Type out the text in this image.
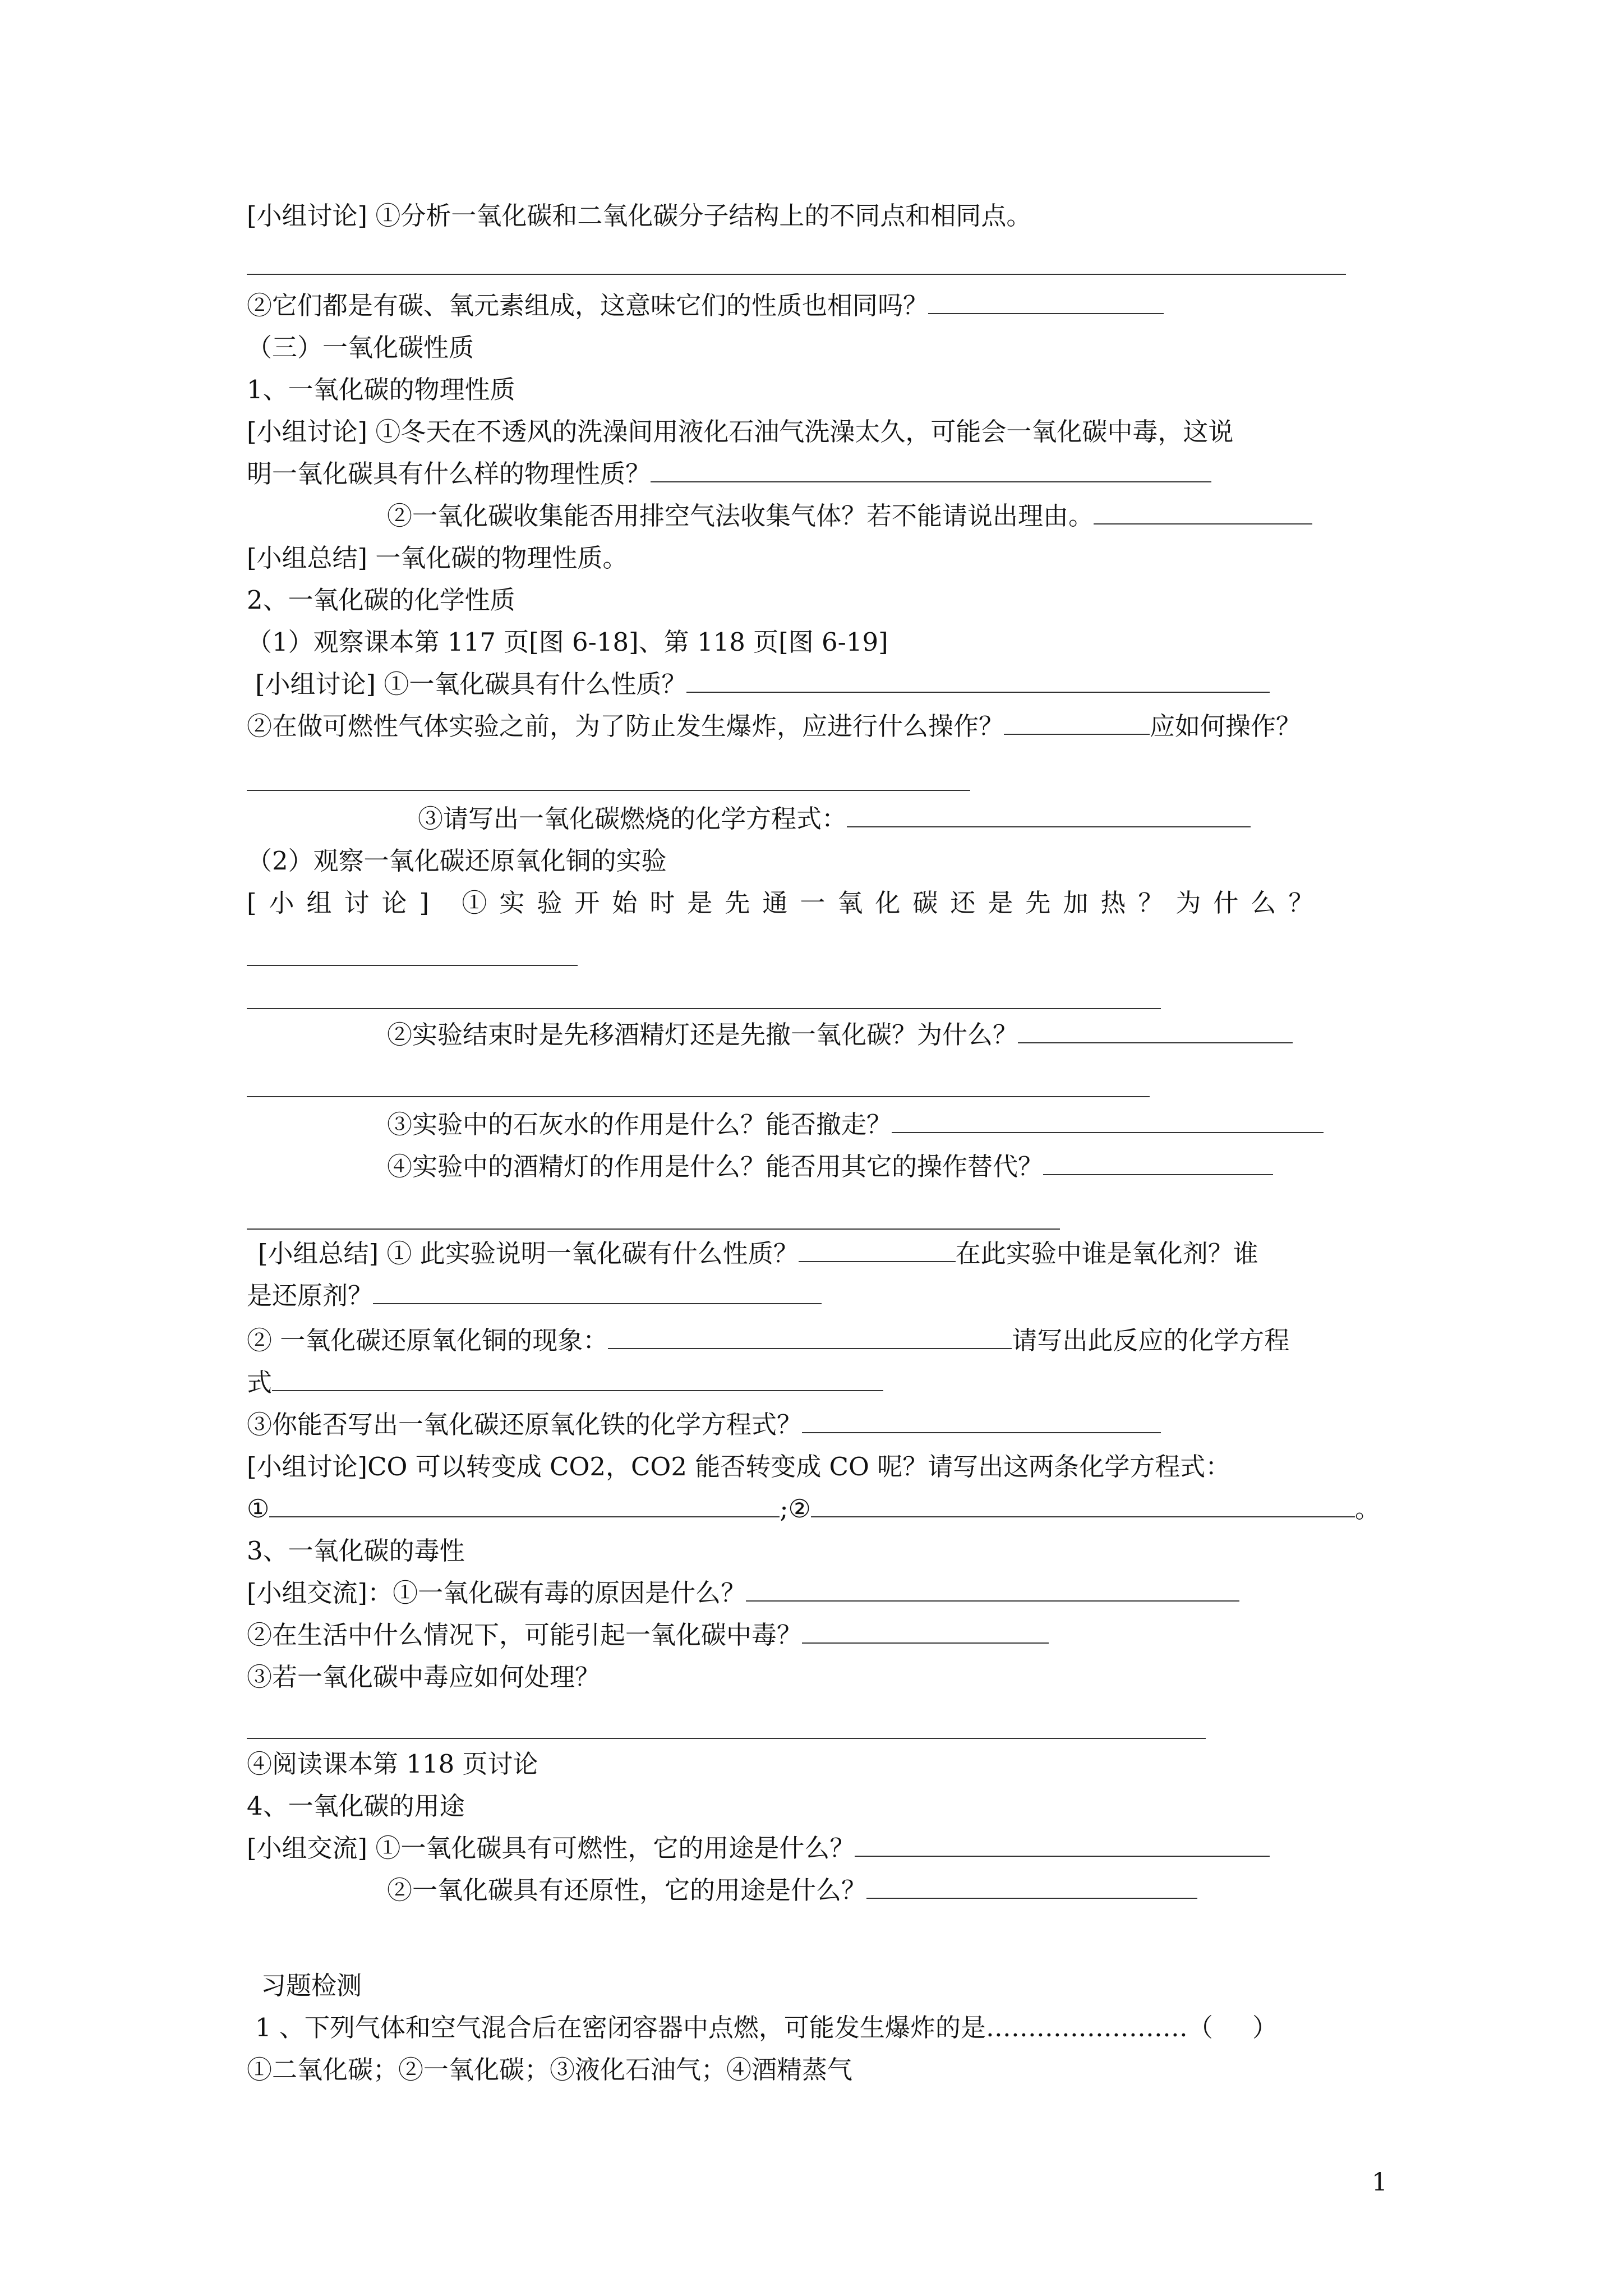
[小组讨论] ①分析一氧化碳和二氧化碳分子结构上的不同点和相同点。
②它们都是有碳、氧元素组成，这意味它们的性质也相同吗？
（三）一氧化碳性质
1、一氧化碳的物理性质
[小组讨论] ①冬天在不透风的洗澡间用液化石油气洗澡太久，可能会一氧化碳中毒，这说
明一氧化碳具有什么样的物理性质？
②一氧化碳收集能否用排空气法收集气体？若不能请说出理由。
[小组总结] 一氧化碳的物理性质。
2、一氧化碳的化学性质
（1）观察课本第 117 页[图 6-18]、第 118 页[图 6-19]
[小组讨论] ①一氧化碳具有什么性质？
②在做可燃性气体实验之前，为了防止发生爆炸，应进行什么操作？	应如何操作？
③请写出一氧化碳燃烧的化学方程式：
（2）观察一氧化碳还原氧化铜的实验
[小组讨论] ①实验开始时是先通一氧化碳还是先加热？为什么？
②实验结束时是先移酒精灯还是先撤一氧化碳？为什么？
③实验中的石灰水的作用是什么？能否撤走？
④实验中的酒精灯的作用是什么？能否用其它的操作替代？
[小组总结] ① 此实验说明一氧化碳有什么性质？	在此实验中谁是氧化剂？谁
是还原剂？
② 一氧化碳还原氧化铜的现象：	请写出此反应的化学方程
式
③你能否写出一氧化碳还原氧化铁的化学方程式？
[小组讨论]CO 可以转变成 CO2，CO2 能否转变成 CO 呢？请写出这两条化学方程式：
①	;②	。
3、一氧化碳的毒性
[小组交流]：①一氧化碳有毒的原因是什么？
②在生活中什么情况下，可能引起一氧化碳中毒？
③若一氧化碳中毒应如何处理？
④阅读课本第 118 页讨论
4、一氧化碳的用途
[小组交流] ①一氧化碳具有可燃性，它的用途是什么？
②一氧化碳具有还原性，它的用途是什么？
习题检测
1 、下列气体和空气混合后在密闭容器中点燃，可能发生爆炸的是……………………（ ）
①二氧化碳；②一氧化碳；③液化石油气；④酒精蒸气
1
